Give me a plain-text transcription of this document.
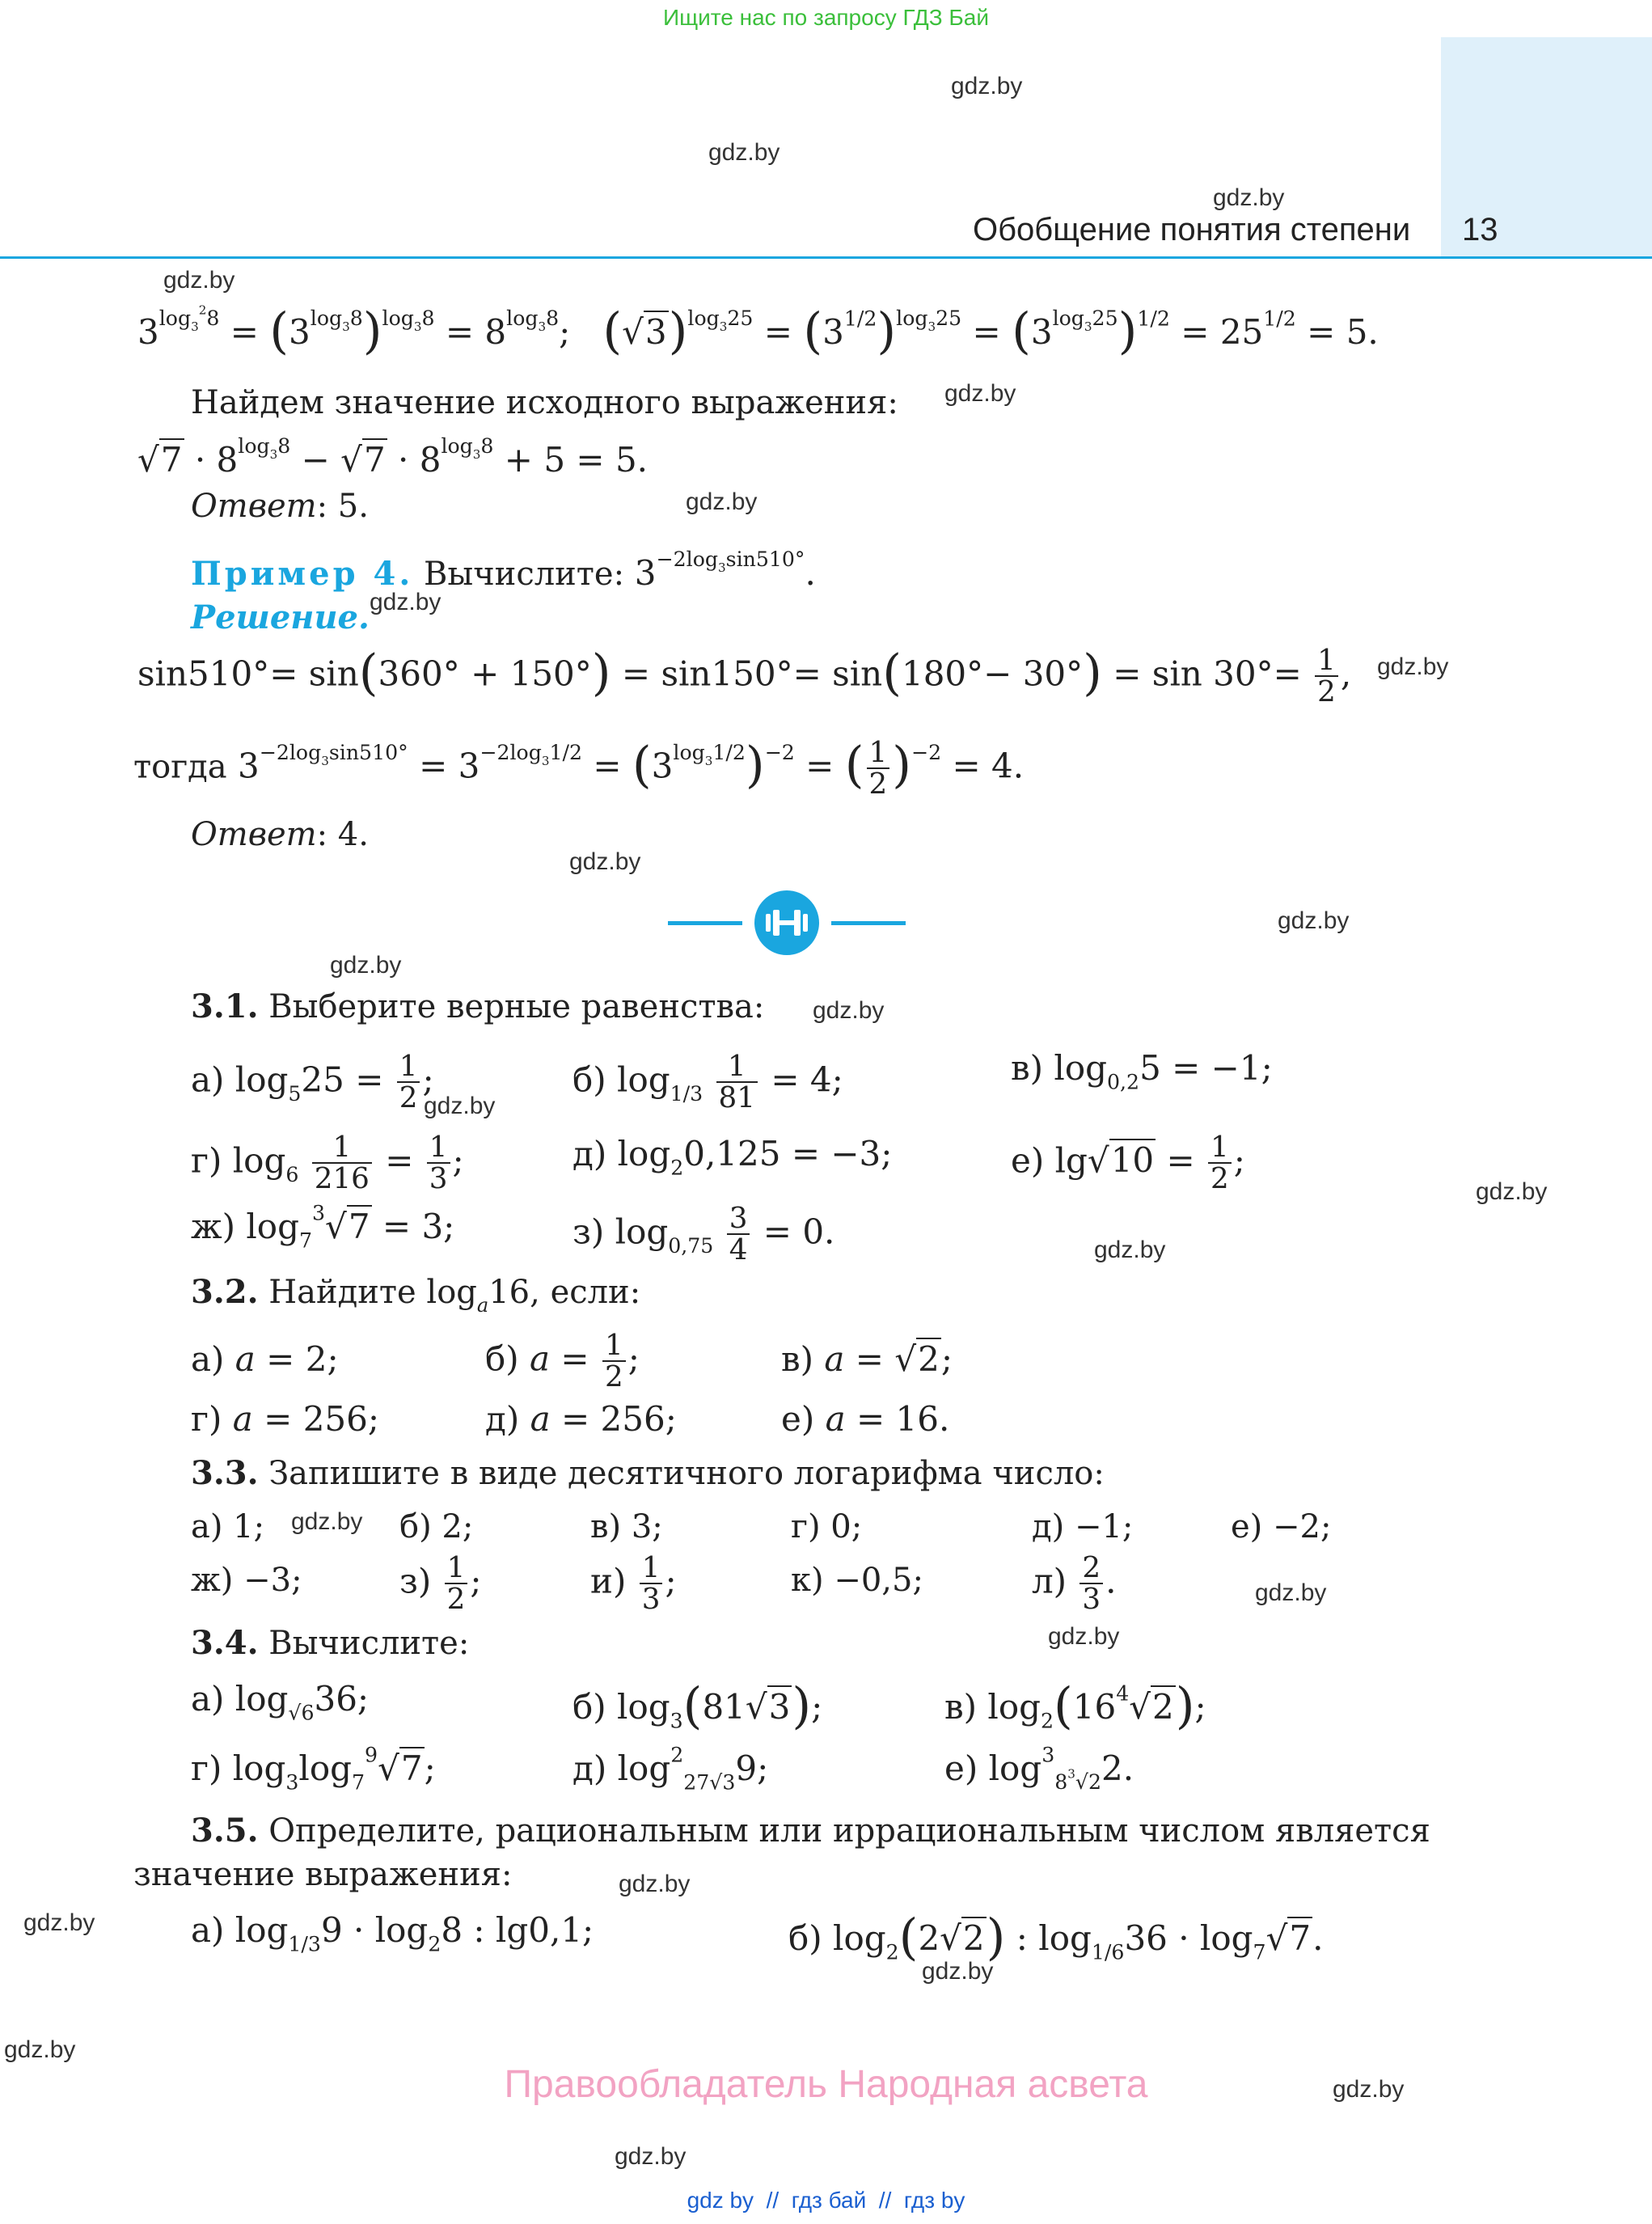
Ищите нас по запросу ГДЗ Бай
Обобщение понятия степени 13
gdz.by
gdz.by
gdz.by
gdz.by
gdz.by
gdz.by
gdz.by
gdz.by
gdz.by
gdz.by
gdz.by
gdz.by
gdz.by
gdz.by
gdz.by
gdz.by
gdz.by
gdz.by
gdz.by
gdz.by
gdz.by
gdz.by
gdz.by
gdz.by
$3^{log_3^28} = (3^{log_38})^{log_38} = 8^{log_38}$;   $(√3)^{log_325} = (3^{1/2})^{log_325} = (3^{log_325})^{1/2} = 25^{1/2} = 5$.
Найдем значение исходного выражения:
$√7 \cdot 8^{log_38} - √7 \cdot 8^{log_38} + 5 = 5$.
Ответ: 5.
Пример 4. Вычислите: $3^{-2log_3sin510^\circ}$.
Решение.
$\sin 510^\circ= \sin(360^\circ + 150^\circ) = \sin 150^\circ= \sin(180^\circ- 30^\circ) = \sin 30^\circ= \frac{1}{2}$ ,
тогда $3^{-2log_3sin510^\circ} = 3^{-2log_31/2} = (3^{log_31/2})^{-2}$ = ( $\frac{1}{2} )^{-2} = 4$.
Ответ: 4.
3.1. Выберите верные равенства:
а) $\log_525 = \frac{1}{2}$ ;	б) $\log_{1/3} \frac{1}{81} = 4$;	в) $\log_{0,2}5 = -1$;
г) $\log_6 \frac{1}{216} = \frac{1}{3}$ ;	д) $\log_20,125 = -3$;	е) $\lg√10 = \frac{1}{2}$ ;
ж) $\log_7^3√7 = 3$;	з) $\log_{0,75} \frac{3}{4} = 0$.
3.2. Найдите $\log_a16$, если:
а) a = 2;	б) $a = \frac{1}{2}$ ;	в) a = √2;
г) a = 256;	д) a = 256;	е) a = 16.
3.3. Запишите в виде десятичного логарифма число:
а) 1;	б) 2;	в) 3;	г) 0;	д) −1;	е) −2;
ж) −3;	$з) \frac{1}{2}$ ;	$и) \frac{1}{3}$ ;	к) −0,5;	$л) \frac{2}{3}$ .
3.4. Вычислите:
а) $\log_{√6}36$;	б) $\log_3(81√3)$;	в) $\log_2(16^4√2)$;
г) $\log_3\log_7^9√7$;	д) $\log^2_{27√3}9$;	е) $\log^3_{8^3√2}2$.
3.5. Определите, рациональным или иррациональным числом является
значение выражения:
а) $\log_{1/3}9 \cdot \log_28$ : lg0,1;	б) $\log_2(2√2)$ : $\log_{1/6}36 \cdot \log_7√7$.
Правообладатель Народная асвета
gdz by  //  гдз бай  //  гдз by
